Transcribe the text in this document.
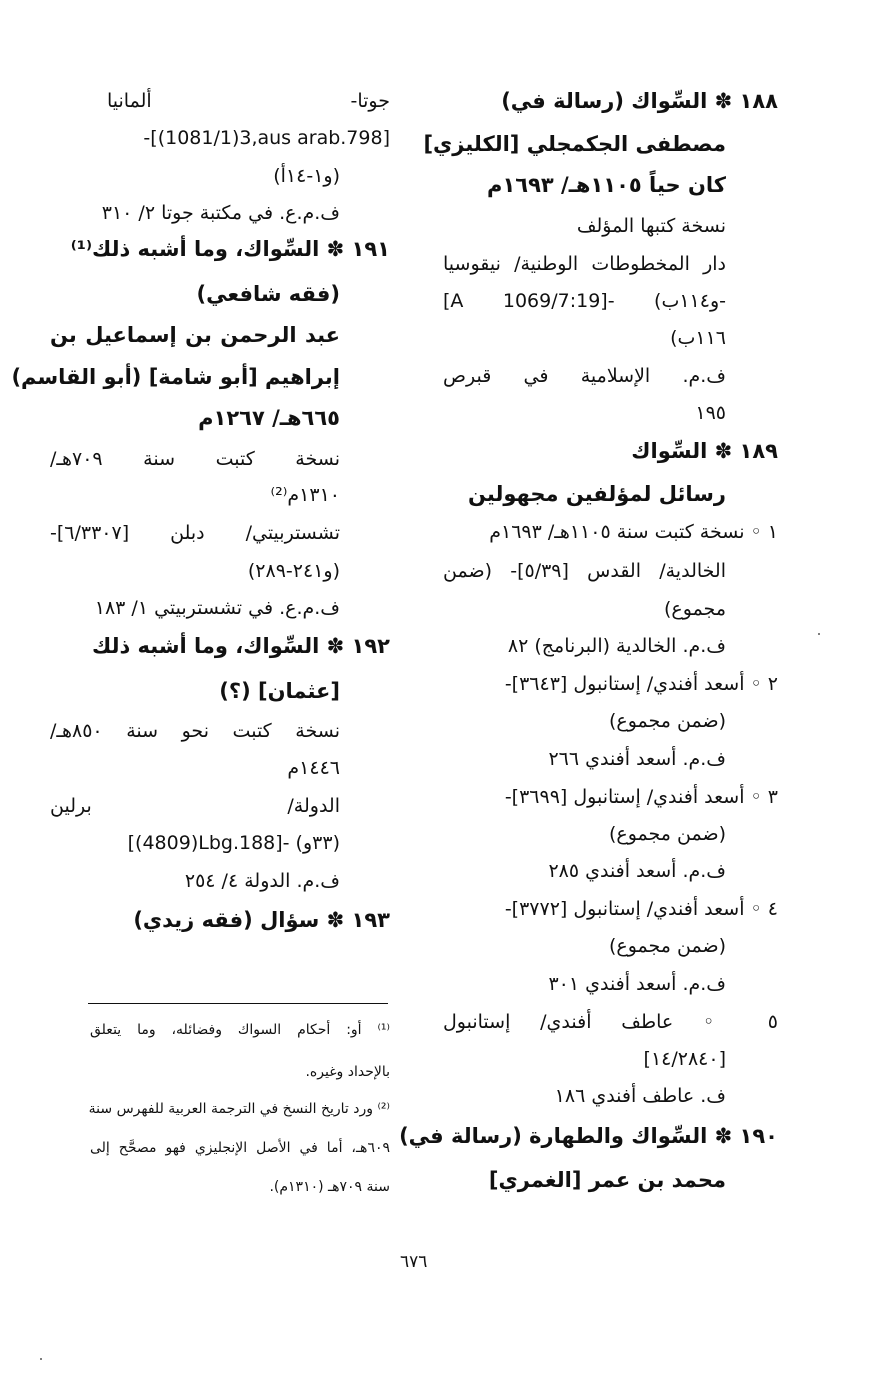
١٨٨ ✽ السِّواك (رسالة في)
مصطفى الجكمجلي [الكليزي]
كان حياً ١١٠٥هـ/ ١٦٩٣م
نسخة كتبها المؤلف
دار المخطوطات الوطنية/ نيقوسيا
[A 1069/7:19]- (و١١٤ب-
١١٦ب)
ف.م. الإسلامية في قبرص
١٩٥
١٨٩ ✽ السِّواك
رسائل لمؤلفين مجهولين
١ ◦ نسخة كتبت سنة ١١٠٥هـ/ ١٦٩٣م
الخالدية/ القدس [٥/٣٩]- (ضمن
مجموع)
ف.م. الخالدية (البرنامج) ٨٢
٢ ◦ أسعد أفندي/ إستانبول [٣٦٤٣]-
(ضمن مجموع)
ف.م. أسعد أفندي ٢٦٦
٣ ◦ أسعد أفندي/ إستانبول [٣٦٩٩]-
(ضمن مجموع)
ف.م. أسعد أفندي ٢٨٥
٤ ◦ أسعد أفندي/ إستانبول [٣٧٧٢]-
(ضمن مجموع)
ف.م. أسعد أفندي ٣٠١
٥ ◦ عاطف أفندي/ إستانبول
[١٤/٢٨٤٠]
ف. عاطف أفندي ١٨٦
١٩٠ ✽ السِّواك والطهارة (رسالة في)
محمد بن عمر [الغمري]
جوتا- ألمانيا
-[(1081/1)3,aus arab.798]
(و١-١٤أ)
ف.م.ع. في مكتبة جوتا ٢/ ٣١٠
١٩١ ✽ السِّواك، وما أشبه ذلك⁽¹⁾
(فقه شافعي)
عبد الرحمن بن إسماعيل بن
إبراهيم [أبو شامة] (أبو القاسم)
٦٦٥هـ/ ١٢٦٧م
نسخة كتبت سنة ٧٠٩هـ/
١٣١٠م⁽²⁾
تشستربيتي/ دبلن [٦/٣٣٠٧]-
(و٢٤١-٢٨٩)
ف.م.ع. في تشستربيتي ١/ ١٨٣
١٩٢ ✽ السِّواك، وما أشبه ذلك
[عثمان] (؟)
نسخة كتبت نحو سنة ٨٥٠هـ/
١٤٤٦م
الدولة/ برلين
[(4809)Lbg.188]- (٣٣و)
ف.م. الدولة ٤/ ٢٥٤
١٩٣ ✽ سؤال (فقه زيدي)
⁽¹⁾ أو: أحكام السواك وفضائله، وما يتعلق
بالإحداد وغيره.
⁽²⁾ ورد تاريخ النسخ في الترجمة العربية للفهرس سنة
٦٠٩هـ، أما في الأصل الإنجليزي فهو مصحَّح إلى
سنة ٧٠٩هـ (١٣١٠م).
٦٧٦
